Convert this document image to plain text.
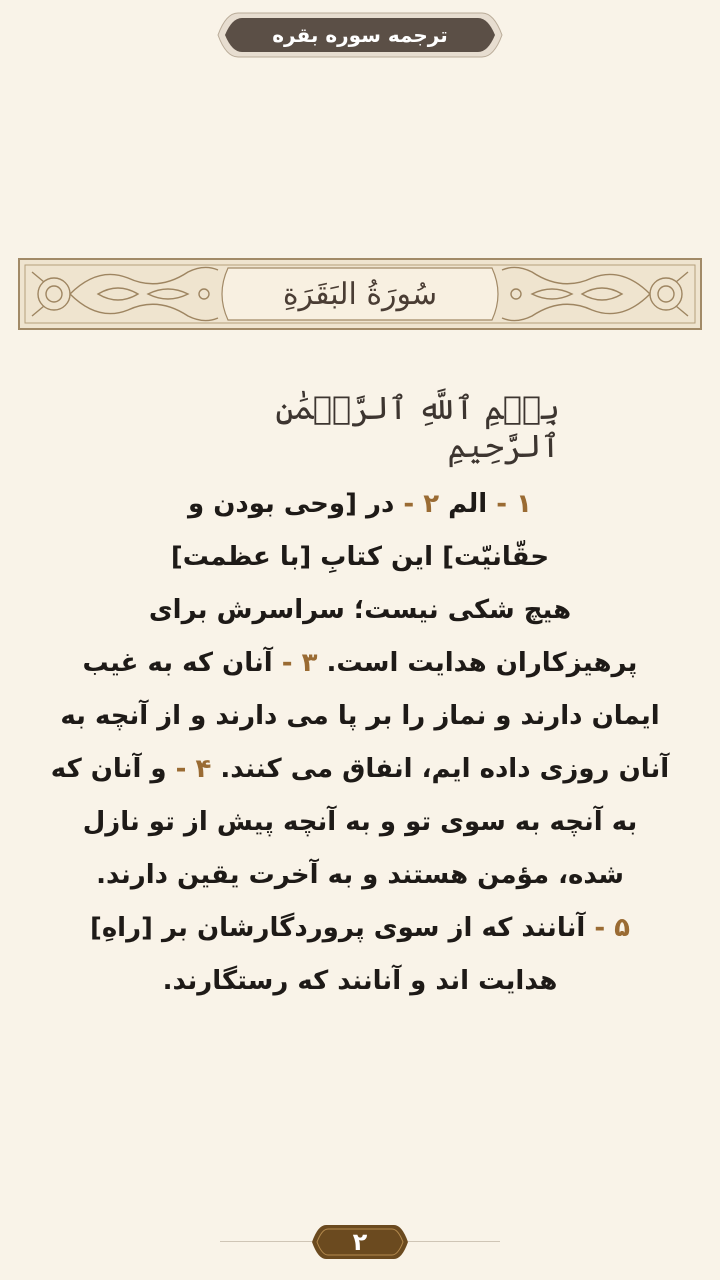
ترجمه سوره بقره
سُورَةُ البَقَرَةِ
بِسۡمِ ٱللَّهِ ٱلرَّحۡمَٰنِ ٱلرَّحِيمِ
۱ - الم ۲ - در [وحی بودن و
حقّانیّت] این کتابِ [با عظمت]
هیچ شکی نیست؛ سراسرش برای
پرهیزکاران هدایت است. ۳ - آنان که به غیب
ایمان دارند و نماز را بر پا می دارند و از آنچه به
آنان روزی داده ایم، انفاق می کنند. ۴ - و آنان که
به آنچه به سوی تو و به آنچه پیش از تو نازل
شده، مؤمن هستند و به آخرت یقین دارند.
۵ - آنانند که از سوی پروردگارشان بر [راهِ]
هدایت اند و آنانند که رستگارند.
۲
